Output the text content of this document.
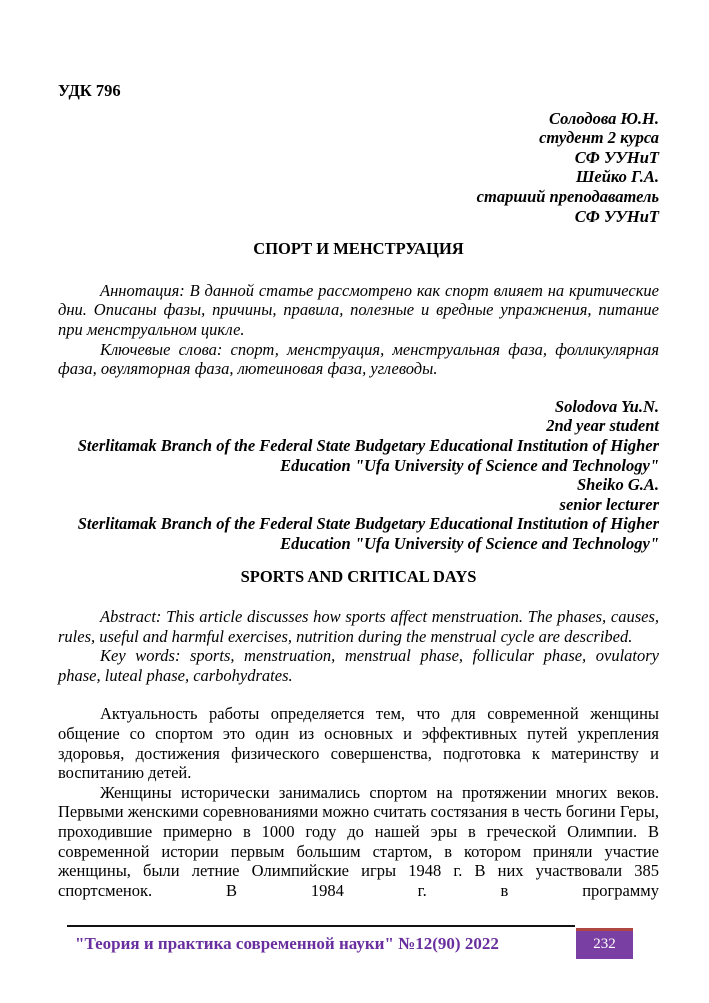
УДК 796
Солодова Ю.Н.
студент 2 курса
СФ УУНиТ
Шейко Г.А.
старший преподаватель
СФ УУНиТ
СПОРТ И МЕНСТРУАЦИЯ

Аннотация: В данной статье рассмотрено как спорт влияет на критические дни. Описаны фазы, причины, правила, полезные и вредные упражнения, питание при менструальном цикле.

Ключевые слова: спорт, менструация, менструальная фаза, фолликулярная фаза, овуляторная фаза, лютеиновая фаза, углеводы.

Solodova Yu.N.
2nd year student
Sterlitamak Branch of the Federal State Budgetary Educational Institution of Higher Education "Ufa University of Science and Technology"
Sheiko G.A.
senior lecturer
Sterlitamak Branch of the Federal State Budgetary Educational Institution of Higher Education "Ufa University of Science and Technology"
SPORTS AND CRITICAL DAYS

Abstract: This article discusses how sports affect menstruation. The phases, causes, rules, useful and harmful exercises, nutrition during the menstrual cycle are described.

Key words: sports, menstruation, menstrual phase, follicular phase, ovulatory phase, luteal phase, carbohydrates.

Актуальность работы определяется тем, что для современной женщины общение со спортом это один из основных и эффективных путей укрепления здоровья, достижения физического совершенства, подготовка к материнству и воспитанию детей.

Женщины исторически занимались спортом на протяжении многих веков. Первыми женскими соревнованиями можно считать состязания в честь богини Геры, проходившие примерно в 1000 году до нашей эры в греческой Олимпии. В современной истории первым большим стартом, в котором приняли участие женщины, были летние Олимпийские игры 1948 г. В них участвовали 385 спортсменок. В 1984 г. в программу

"Теория и практика современной науки" №12(90) 2022	232
